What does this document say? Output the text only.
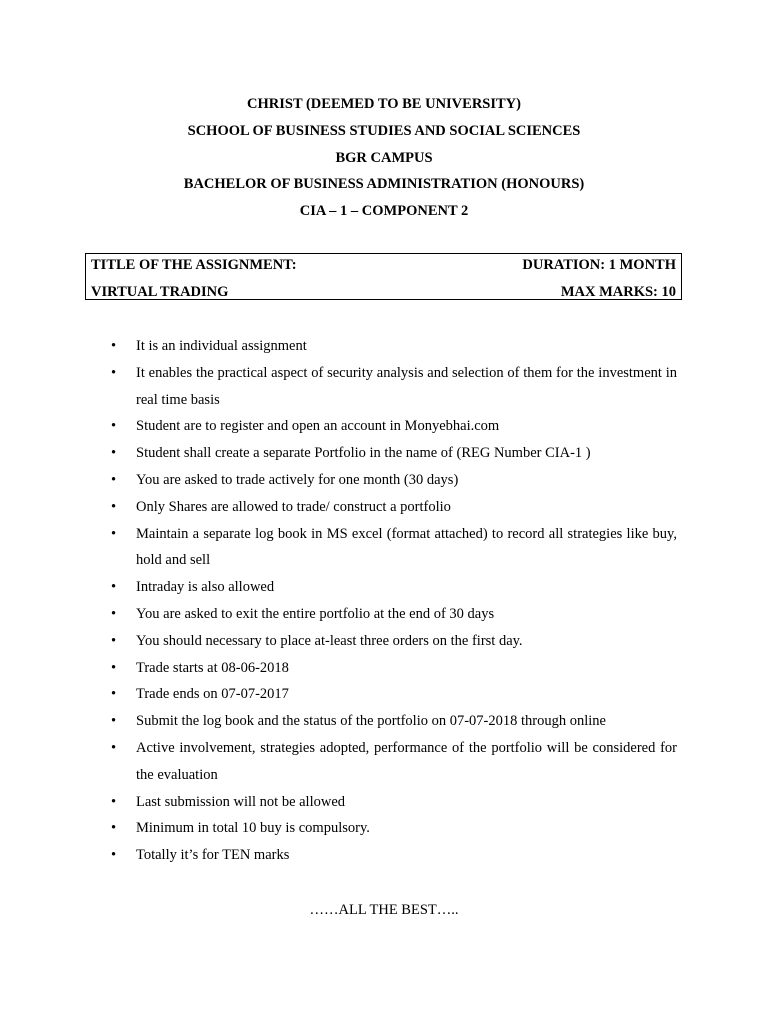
CHRIST (DEEMED TO BE UNIVERSITY)
SCHOOL OF BUSINESS STUDIES AND SOCIAL SCIENCES
BGR CAMPUS
BACHELOR OF BUSINESS ADMINISTRATION (HONOURS)
CIA – 1 – COMPONENT 2
TITLE OF THE ASSIGNMENT:	DURATION: 1 MONTH
VIRTUAL TRADING	MAX MARKS: 10
• It is an individual assignment
• It enables the practical aspect of security analysis and selection of them for the investment in real time basis
• Student are to register and open an account in Monyebhai.com
• Student shall create a separate Portfolio in the name of (REG Number CIA-1 )
• You are asked to trade actively for one month (30 days)
• Only Shares are allowed to trade/ construct a portfolio
• Maintain a separate log book in MS excel (format attached) to record all strategies like buy, hold and sell
• Intraday is also allowed
• You are asked to exit the entire portfolio at the end of 30 days
• You should necessary to place at-least three orders on the first day.
• Trade starts at 08-06-2018
• Trade ends on 07-07-2017
• Submit the log book and the status of the portfolio on 07-07-2018 through online
• Active involvement, strategies adopted, performance of the portfolio will be considered for the evaluation
• Last submission will not be allowed
• Minimum in total 10 buy is compulsory.
• Totally it’s for TEN marks
……ALL THE BEST…..
